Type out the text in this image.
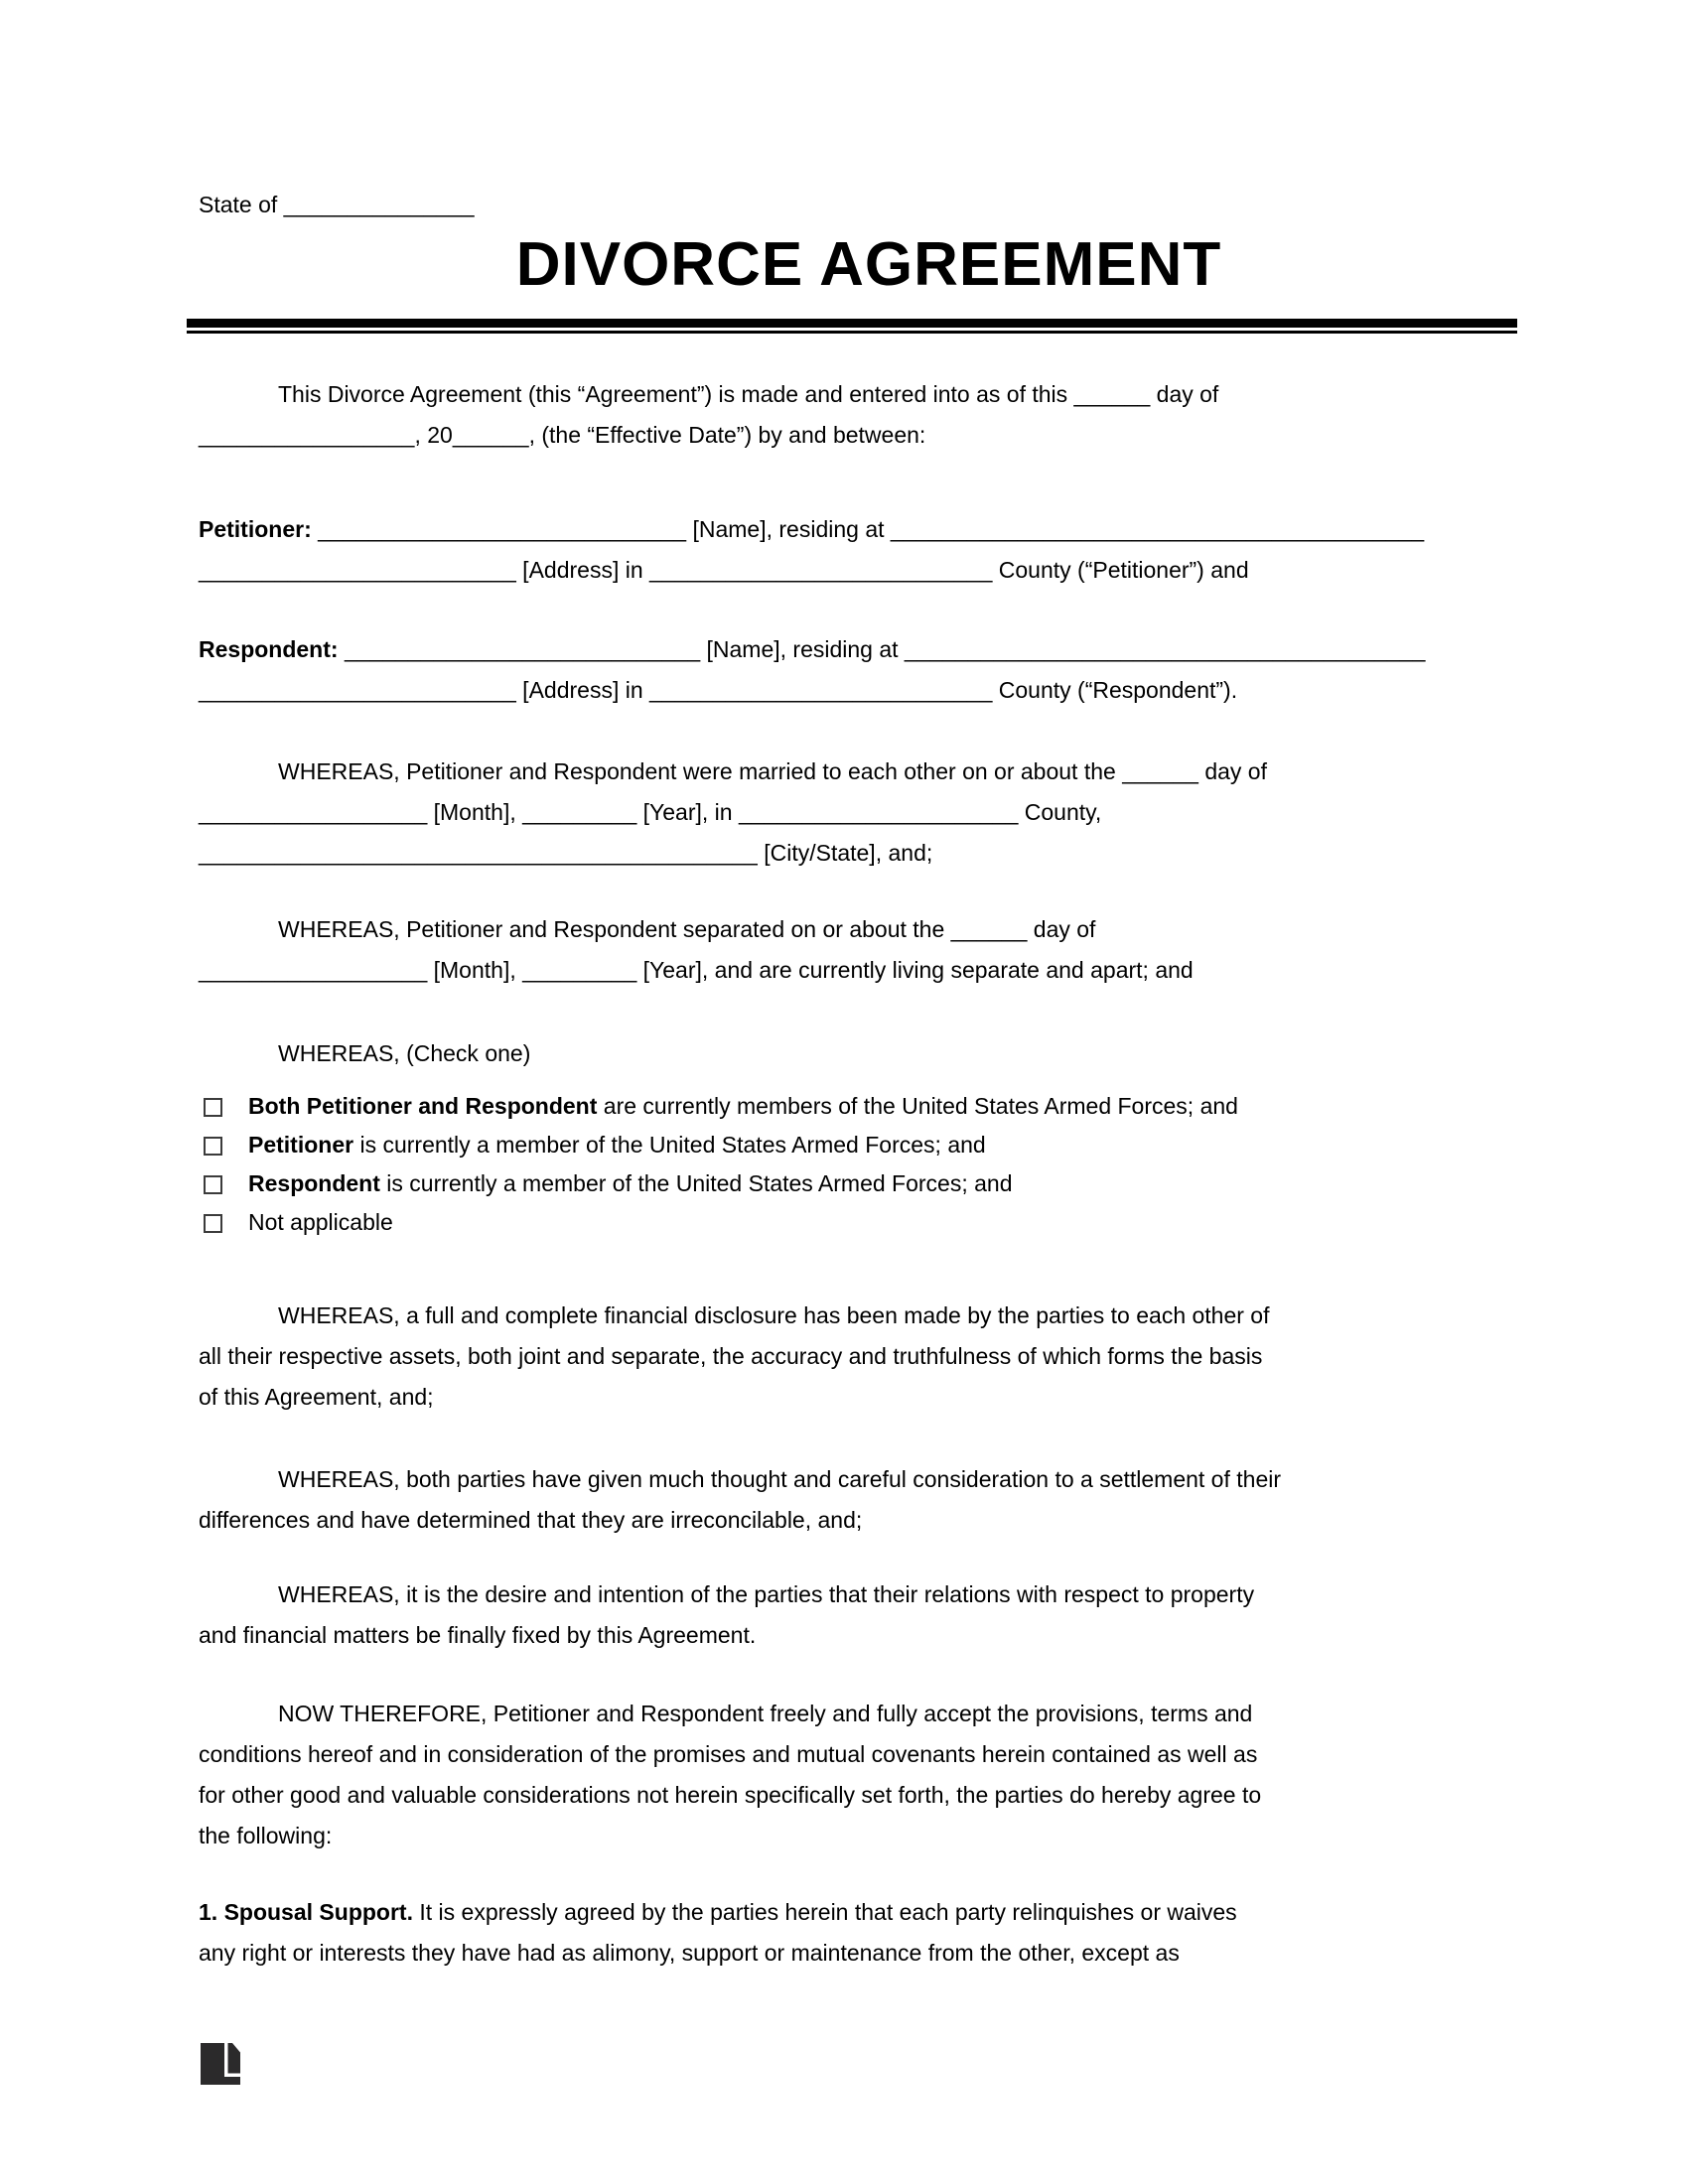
State of _______________
DIVORCE AGREEMENT
This Divorce Agreement (this “Agreement”) is made and entered into as of this ______ day of
_________________, 20______, (the “Effective Date”) by and between:
Petitioner: _____________________________ [Name], residing at __________________________________________
_________________________ [Address] in ___________________________ County (“Petitioner”) and
Respondent: ____________________________ [Name], residing at _________________________________________
_________________________ [Address] in ___________________________ County (“Respondent”).
WHEREAS, Petitioner and Respondent were married to each other on or about the ______ day of
__________________ [Month], _________ [Year], in ______________________ County,
____________________________________________ [City/State], and;
WHEREAS, Petitioner and Respondent separated on or about the ______ day of
__________________ [Month], _________ [Year], and are currently living separate and apart; and
WHEREAS, (Check one)
Both Petitioner and Respondent are currently members of the United States Armed Forces; and
Petitioner is currently a member of the United States Armed Forces; and
Respondent is currently a member of the United States Armed Forces; and
Not applicable
WHEREAS, a full and complete financial disclosure has been made by the parties to each other of
all their respective assets, both joint and separate, the accuracy and truthfulness of which forms the basis
of this Agreement, and;
WHEREAS, both parties have given much thought and careful consideration to a settlement of their
differences and have determined that they are irreconcilable, and;
WHEREAS, it is the desire and intention of the parties that their relations with respect to property
and financial matters be finally fixed by this Agreement.
NOW THEREFORE, Petitioner and Respondent freely and fully accept the provisions, terms and
conditions hereof and in consideration of the promises and mutual covenants herein contained as well as
for other good and valuable considerations not herein specifically set forth, the parties do hereby agree to
the following:
1. Spousal Support. It is expressly agreed by the parties herein that each party relinquishes or waives
any right or interests they have had as alimony, support or maintenance from the other, except as
